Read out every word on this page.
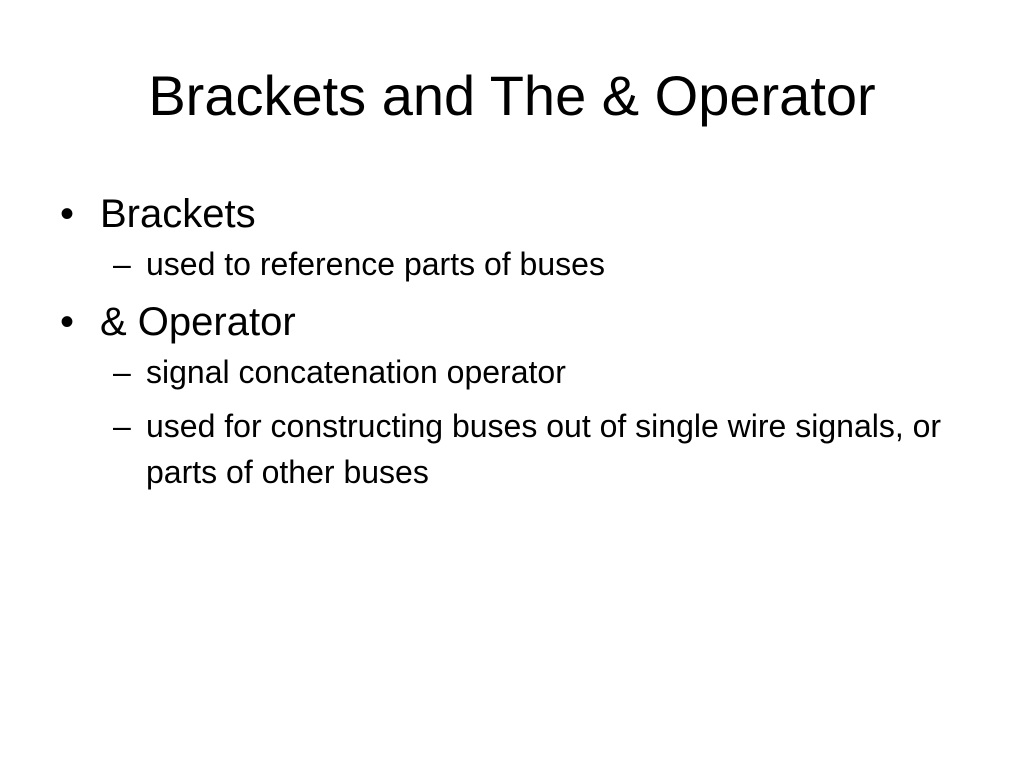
Brackets and The & Operator
• Brackets
– used to reference parts of buses
• & Operator
– signal concatenation operator
– used for constructing buses out of single wire signals, or parts of other buses
